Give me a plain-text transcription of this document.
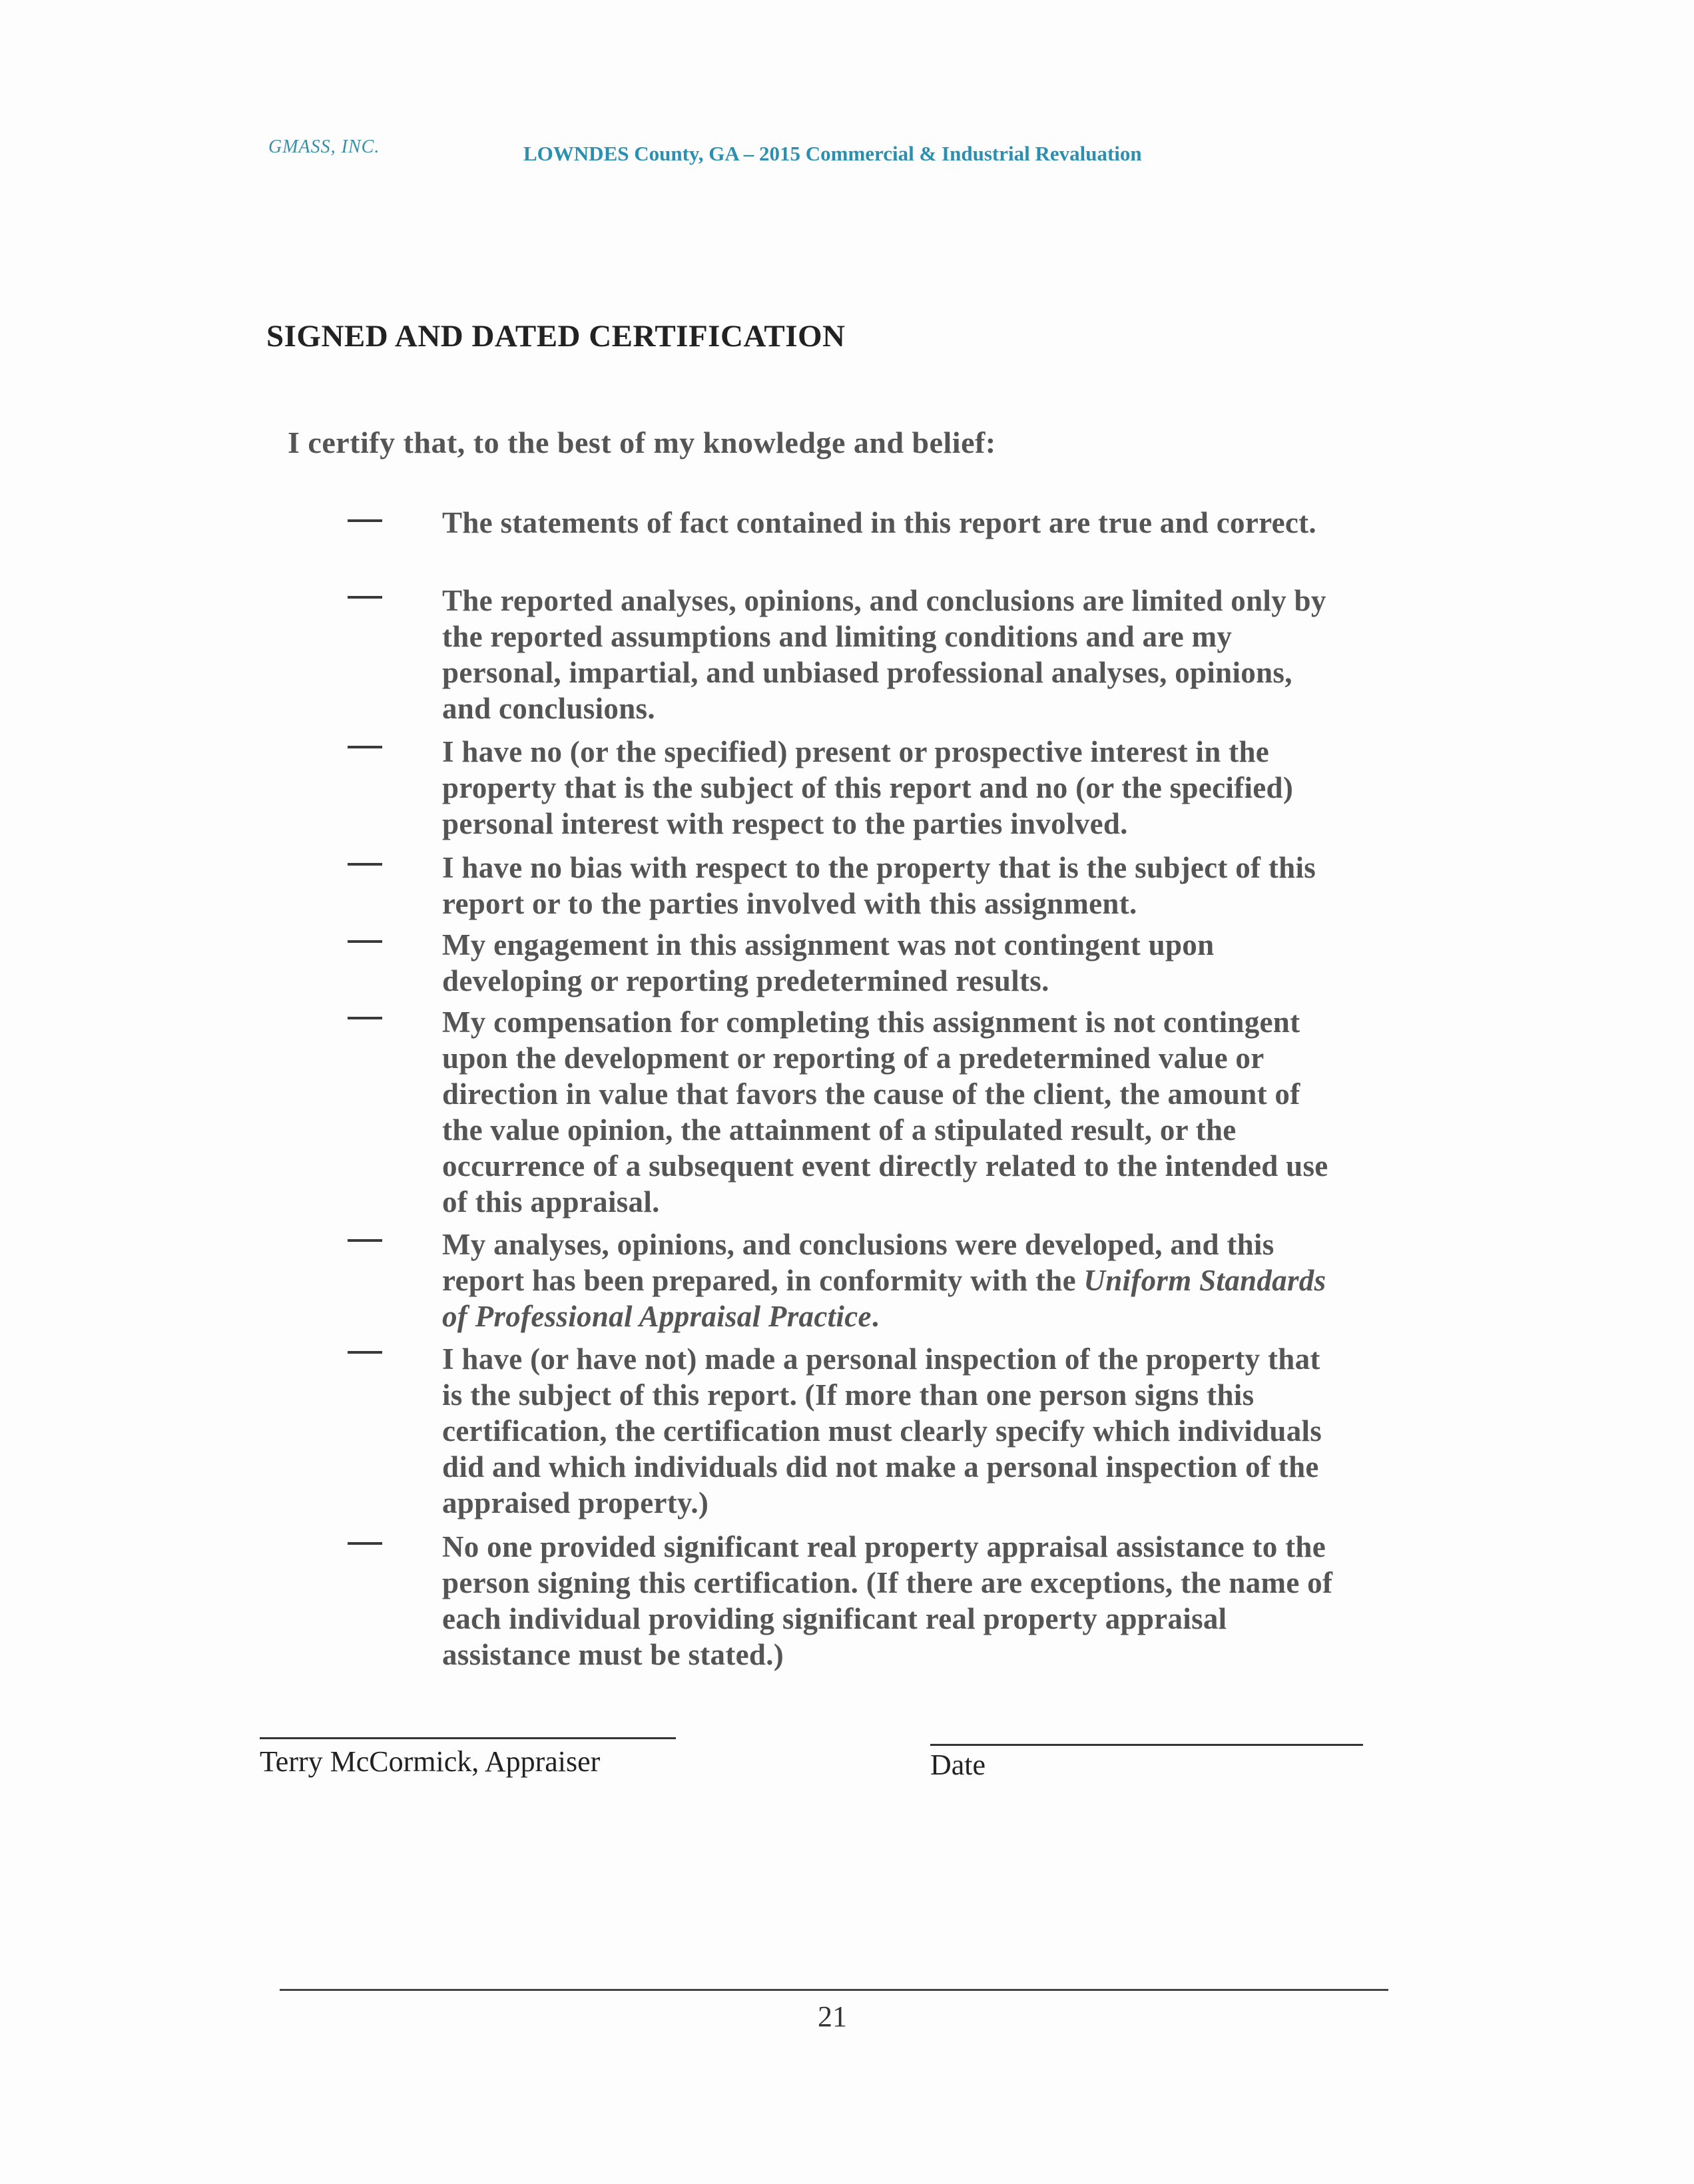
GMASS, INC.	LOWNDES County, GA – 2015 Commercial & Industrial Revaluation
SIGNED AND DATED CERTIFICATION
I certify that, to the best of my knowledge and belief:
The statements of fact contained in this report are true and correct.
The reported analyses, opinions, and conclusions are limited only by
the reported assumptions and limiting conditions and are my
personal, impartial, and unbiased professional analyses, opinions,
and conclusions.
I have no (or the specified) present or prospective interest in the
property that is the subject of this report and no (or the specified)
personal interest with respect to the parties involved.
I have no bias with respect to the property that is the subject of this
report or to the parties involved with this assignment.
My engagement in this assignment was not contingent upon
developing or reporting predetermined results.
My compensation for completing this assignment is not contingent
upon the development or reporting of a predetermined value or
direction in value that favors the cause of the client, the amount of
the value opinion, the attainment of a stipulated result, or the
occurrence of a subsequent event directly related to the intended use
of this appraisal.
My analyses, opinions, and conclusions were developed, and this
report has been prepared, in conformity with the Uniform Standards
of Professional Appraisal Practice.
I have (or have not) made a personal inspection of the property that
is the subject of this report. (If more than one person signs this
certification, the certification must clearly specify which individuals
did and which individuals did not make a personal inspection of the
appraised property.)
No one provided significant real property appraisal assistance to the
person signing this certification. (If there are exceptions, the name of
each individual providing significant real property appraisal
assistance must be stated.)
Terry McCormick, Appraiser	Date
21
